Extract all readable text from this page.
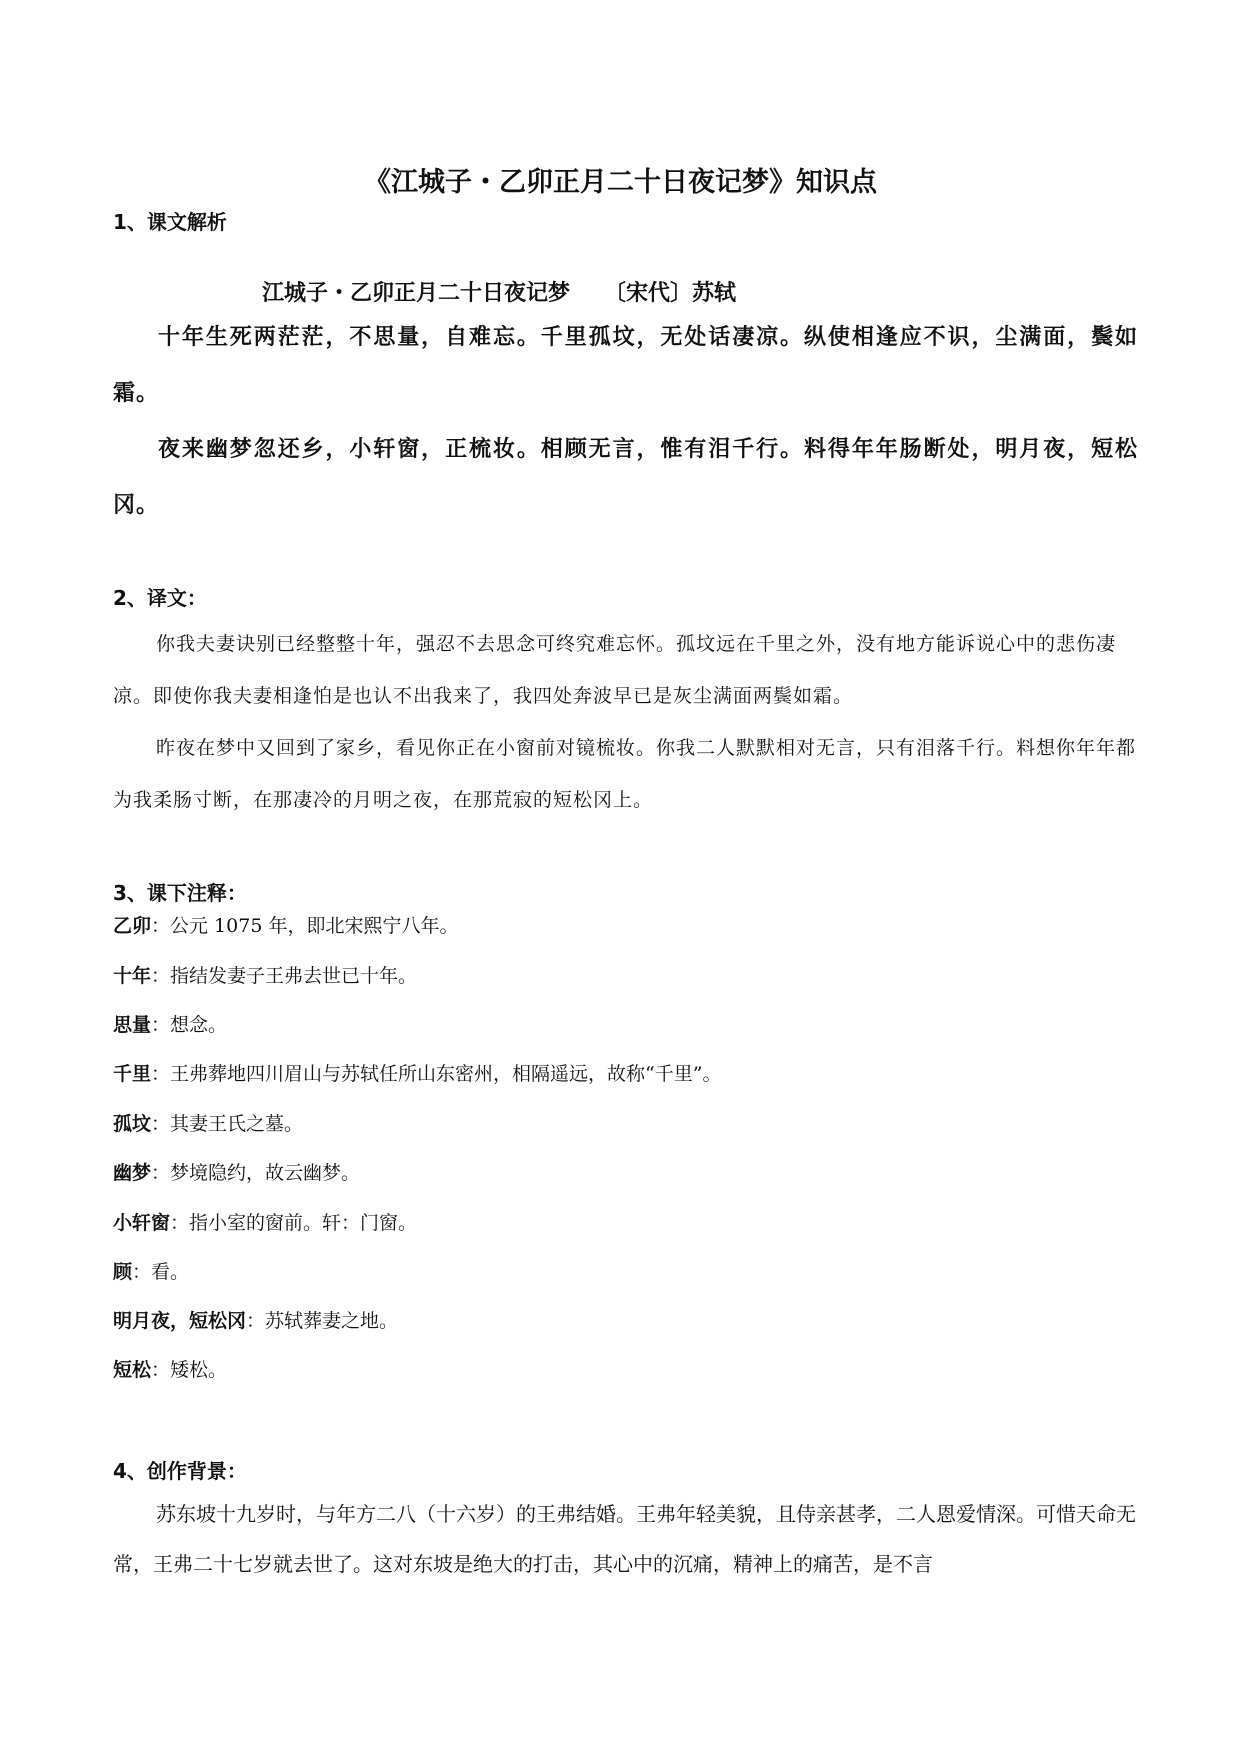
《江城子・乙卯正月二十日夜记梦》知识点
1、课文解析
江城子・乙卯正月二十日夜记梦 〔宋代〕苏轼
十年生死两茫茫，不思量，自难忘。千里孤坟，无处话凄凉。纵使相逢应不识，尘满面，鬓如霜。
夜来幽梦忽还乡，小轩窗，正梳妆。相顾无言，惟有泪千行。料得年年肠断处，明月夜，短松冈。
2、译文：
你我夫妻诀别已经整整十年，强忍不去思念可终究难忘怀。孤坟远在千里之外，没有地方能诉说心中的悲伤凄凉。即使你我夫妻相逢怕是也认不出我来了，我四处奔波早已是灰尘满面两鬓如霜。
昨夜在梦中又回到了家乡，看见你正在小窗前对镜梳妆。你我二人默默相对无言，只有泪落千行。料想你年年都为我柔肠寸断，在那凄冷的月明之夜，在那荒寂的短松冈上。
3、课下注释：
乙卯：公元 1075 年，即北宋熙宁八年。
十年：指结发妻子王弗去世已十年。
思量：想念。
千里：王弗葬地四川眉山与苏轼任所山东密州，相隔遥远，故称“千里”。
孤坟：其妻王氏之墓。
幽梦：梦境隐约，故云幽梦。
小轩窗：指小室的窗前。轩：门窗。
顾：看。
明月夜，短松冈：苏轼葬妻之地。
短松：矮松。
4、创作背景：
苏东坡十九岁时，与年方二八（十六岁）的王弗结婚。王弗年轻美貌，且侍亲甚孝，二人恩爱情深。可惜天命无常，王弗二十七岁就去世了。这对东坡是绝大的打击，其心中的沉痛，精神上的痛苦，是不言
